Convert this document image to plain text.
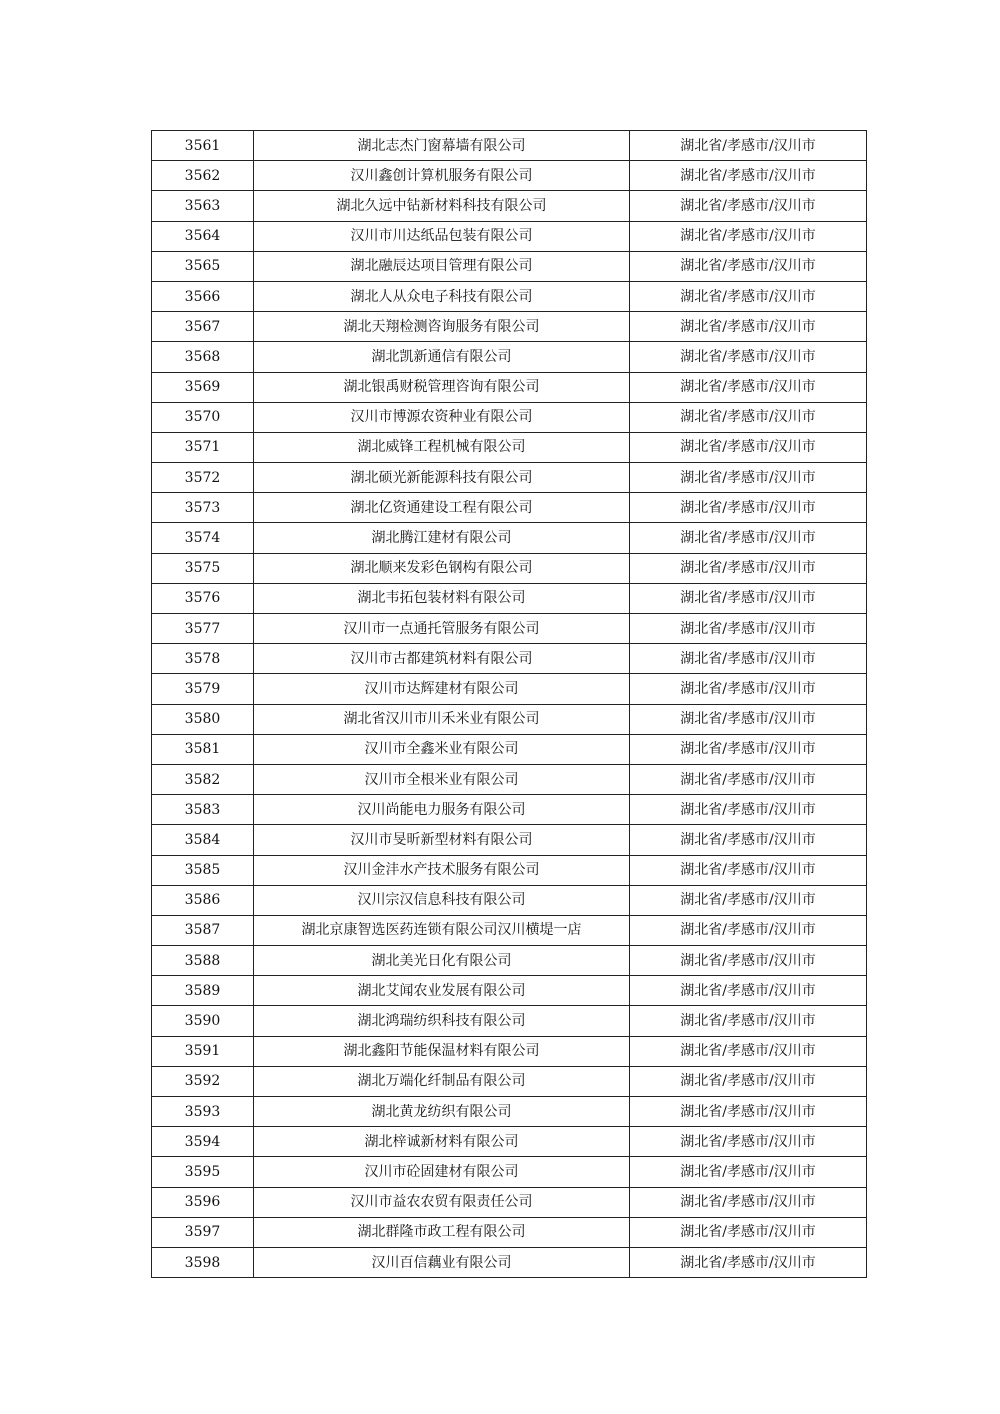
3561	湖北志杰门窗幕墙有限公司	湖北省/孝感市/汉川市
3562	汉川鑫创计算机服务有限公司	湖北省/孝感市/汉川市
3563	湖北久远中钻新材料科技有限公司	湖北省/孝感市/汉川市
3564	汉川市川达纸品包装有限公司	湖北省/孝感市/汉川市
3565	湖北融辰达项目管理有限公司	湖北省/孝感市/汉川市
3566	湖北人从众电子科技有限公司	湖北省/孝感市/汉川市
3567	湖北天翔检测咨询服务有限公司	湖北省/孝感市/汉川市
3568	湖北凯新通信有限公司	湖北省/孝感市/汉川市
3569	湖北银禹财税管理咨询有限公司	湖北省/孝感市/汉川市
3570	汉川市博源农资种业有限公司	湖北省/孝感市/汉川市
3571	湖北威锋工程机械有限公司	湖北省/孝感市/汉川市
3572	湖北硕光新能源科技有限公司	湖北省/孝感市/汉川市
3573	湖北亿资通建设工程有限公司	湖北省/孝感市/汉川市
3574	湖北腾江建材有限公司	湖北省/孝感市/汉川市
3575	湖北顺来发彩色钢构有限公司	湖北省/孝感市/汉川市
3576	湖北韦拓包装材料有限公司	湖北省/孝感市/汉川市
3577	汉川市一点通托管服务有限公司	湖北省/孝感市/汉川市
3578	汉川市古都建筑材料有限公司	湖北省/孝感市/汉川市
3579	汉川市达辉建材有限公司	湖北省/孝感市/汉川市
3580	湖北省汉川市川禾米业有限公司	湖北省/孝感市/汉川市
3581	汉川市全鑫米业有限公司	湖北省/孝感市/汉川市
3582	汉川市全根米业有限公司	湖北省/孝感市/汉川市
3583	汉川尚能电力服务有限公司	湖北省/孝感市/汉川市
3584	汉川市旻昕新型材料有限公司	湖北省/孝感市/汉川市
3585	汉川金沣水产技术服务有限公司	湖北省/孝感市/汉川市
3586	汉川宗汉信息科技有限公司	湖北省/孝感市/汉川市
3587	湖北京康智选医药连锁有限公司汉川横堤一店	湖北省/孝感市/汉川市
3588	湖北美光日化有限公司	湖北省/孝感市/汉川市
3589	湖北艾闻农业发展有限公司	湖北省/孝感市/汉川市
3590	湖北鸿瑞纺织科技有限公司	湖北省/孝感市/汉川市
3591	湖北鑫阳节能保温材料有限公司	湖北省/孝感市/汉川市
3592	湖北万端化纤制品有限公司	湖北省/孝感市/汉川市
3593	湖北黄龙纺织有限公司	湖北省/孝感市/汉川市
3594	湖北梓诚新材料有限公司	湖北省/孝感市/汉川市
3595	汉川市砼固建材有限公司	湖北省/孝感市/汉川市
3596	汉川市益农农贸有限责任公司	湖北省/孝感市/汉川市
3597	湖北群隆市政工程有限公司	湖北省/孝感市/汉川市
3598	汉川百信藕业有限公司	湖北省/孝感市/汉川市
